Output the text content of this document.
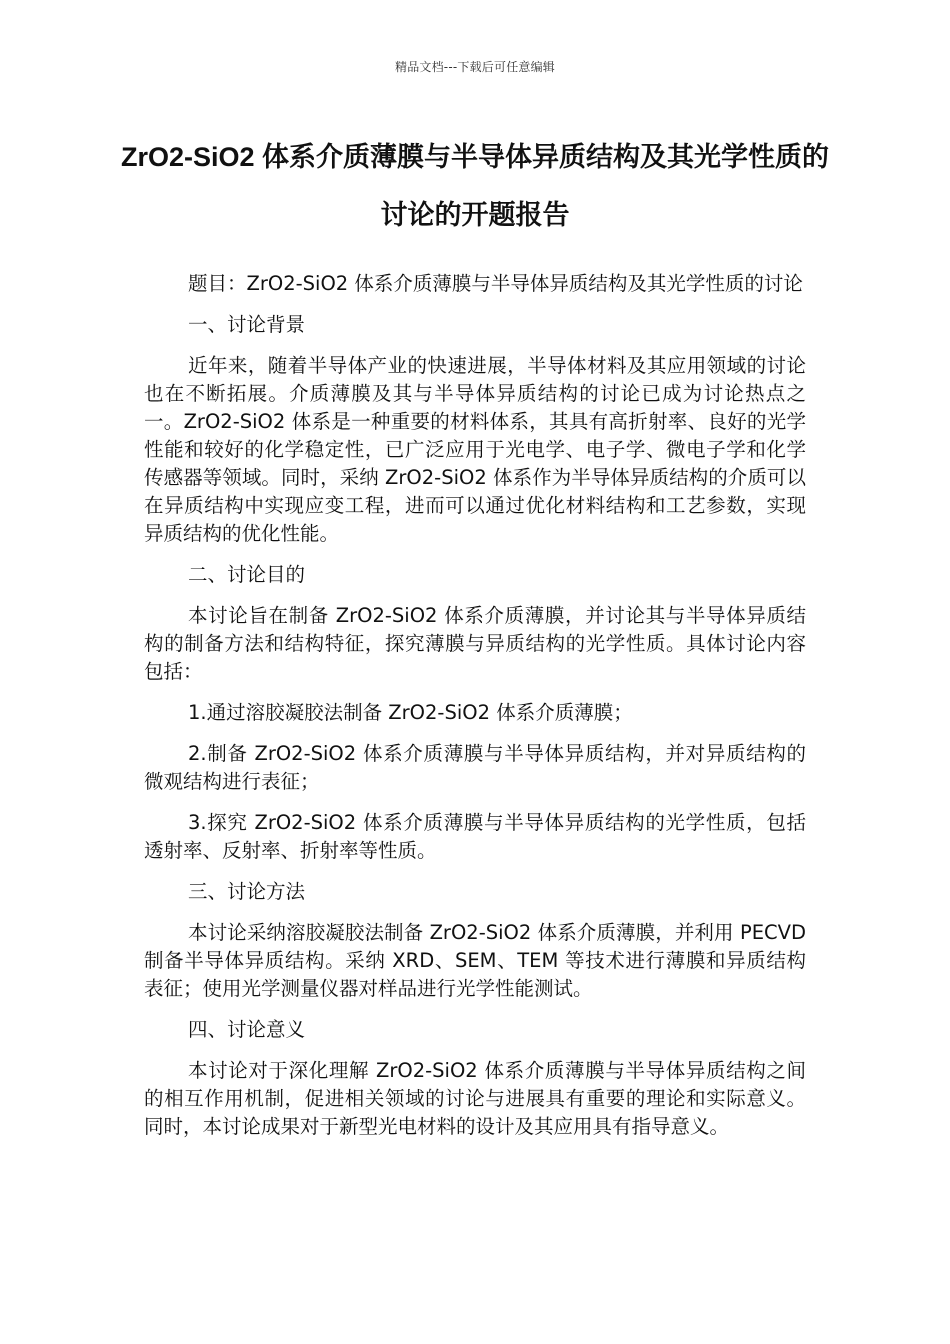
精品文档---下载后可任意编辑
ZrO2-SiO2 体系介质薄膜与半导体异质结构及其光学性质的讨论的开题报告

题目：ZrO2-SiO2 体系介质薄膜与半导体异质结构及其光学性质的讨论

一、讨论背景

近年来，随着半导体产业的快速进展，半导体材料及其应用领域的讨论也在不断拓展。介质薄膜及其与半导体异质结构的讨论已成为讨论热点之一。ZrO2-SiO2 体系是一种重要的材料体系，其具有高折射率、良好的光学性能和较好的化学稳定性，已广泛应用于光电学、电子学、微电子学和化学传感器等领域。同时，采纳 ZrO2-SiO2 体系作为半导体异质结构的介质可以在异质结构中实现应变工程，进而可以通过优化材料结构和工艺参数，实现异质结构的优化性能。

二、讨论目的

本讨论旨在制备 ZrO2-SiO2 体系介质薄膜，并讨论其与半导体异质结构的制备方法和结构特征，探究薄膜与异质结构的光学性质。具体讨论内容包括：

1.通过溶胶凝胶法制备 ZrO2-SiO2 体系介质薄膜；

2.制备 ZrO2-SiO2 体系介质薄膜与半导体异质结构，并对异质结构的微观结构进行表征；

3.探究 ZrO2-SiO2 体系介质薄膜与半导体异质结构的光学性质，包括透射率、反射率、折射率等性质。

三、讨论方法

本讨论采纳溶胶凝胶法制备 ZrO2-SiO2 体系介质薄膜，并利用 PECVD 制备半导体异质结构。采纳 XRD、SEM、TEM 等技术进行薄膜和异质结构表征；使用光学测量仪器对样品进行光学性能测试。

四、讨论意义

本讨论对于深化理解 ZrO2-SiO2 体系介质薄膜与半导体异质结构之间的相互作用机制，促进相关领域的讨论与进展具有重要的理论和实际意义。同时，本讨论成果对于新型光电材料的设计及其应用具有指导意义。
